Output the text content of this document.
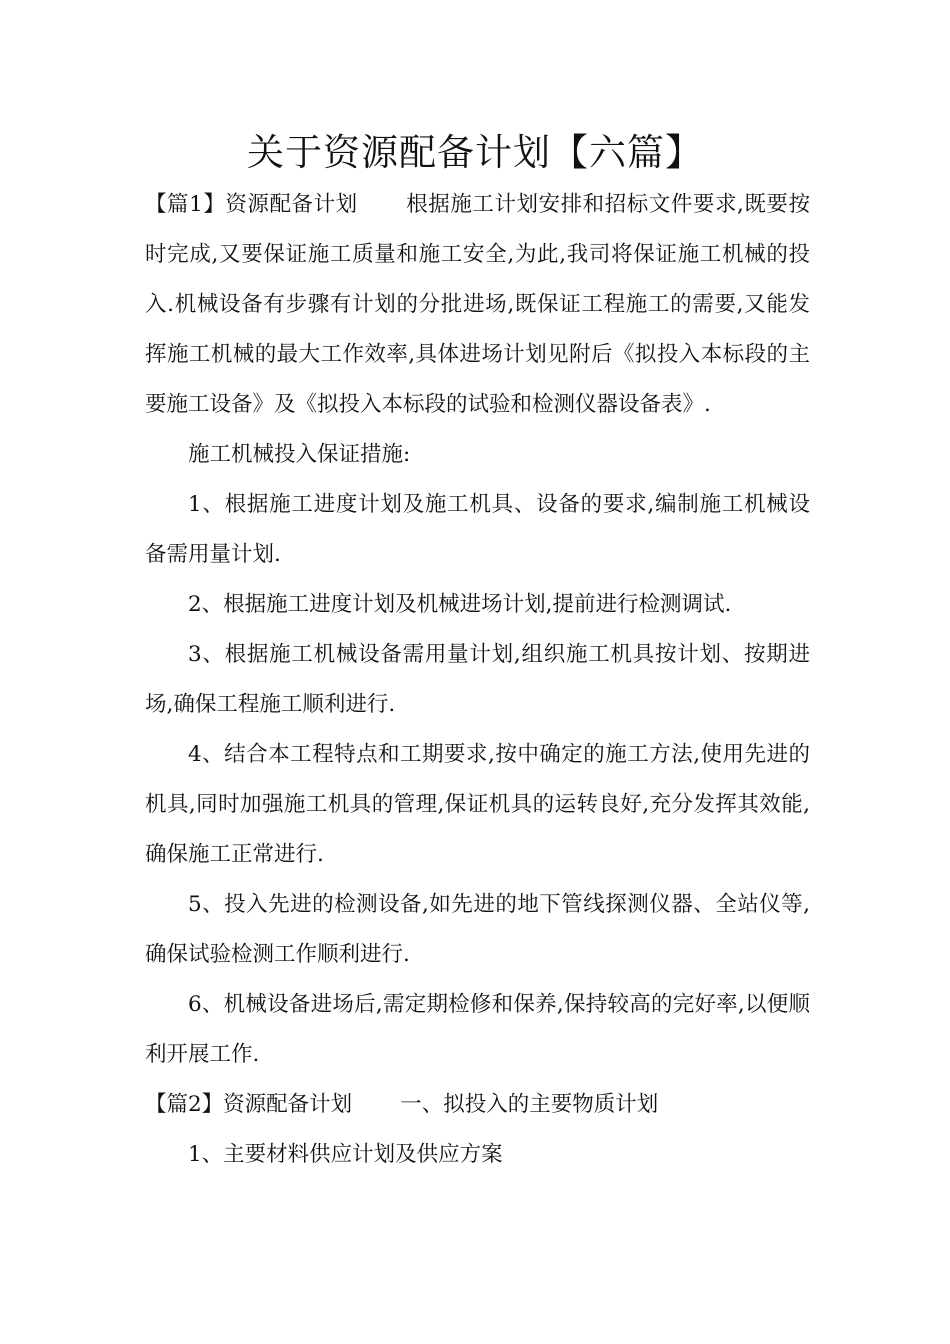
关于资源配备计划【六篇】

【篇1】资源配备计划 根据施工计划安排和招标文件要求,既要按时完成,又要保证施工质量和施工安全,为此,我司将保证施工机械的投入.机械设备有步骤有计划的分批进场,既保证工程施工的需要,又能发挥施工机械的最大工作效率,具体进场计划见附后《拟投入本标段的主要施工设备》及《拟投入本标段的试验和检测仪器设备表》.

施工机械投入保证措施:

1、根据施工进度计划及施工机具、设备的要求,编制施工机械设备需用量计划.

2、根据施工进度计划及机械进场计划,提前进行检测调试.

3、根据施工机械设备需用量计划,组织施工机具按计划、按期进场,确保工程施工顺利进行.

4、结合本工程特点和工期要求,按中确定的施工方法,使用先进的机具,同时加强施工机具的管理,保证机具的运转良好,充分发挥其效能,确保施工正常进行.

5、投入先进的检测设备,如先进的地下管线探测仪器、全站仪等,确保试验检测工作顺利进行.

6、机械设备进场后,需定期检修和保养,保持较高的完好率,以便顺利开展工作.

【篇2】资源配备计划 一、拟投入的主要物质计划

1、主要材料供应计划及供应方案
